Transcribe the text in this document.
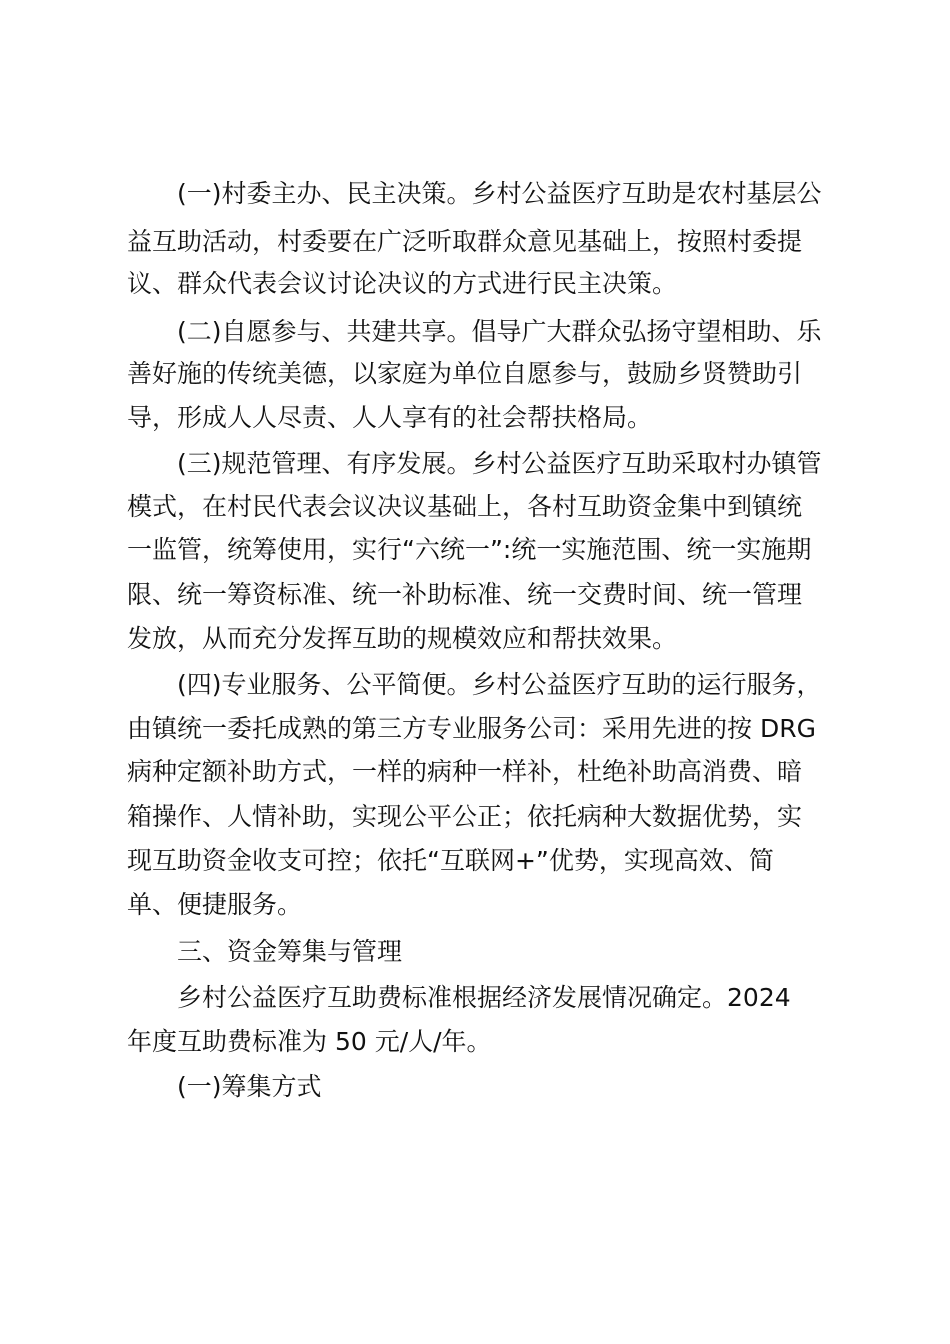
(一)村委主办、民主决策。乡村公益医疗互助是农村基层公
益互助活动，村委要在广泛听取群众意见基础上，按照村委提
议、群众代表会议讨论决议的方式进行民主决策。
(二)自愿参与、共建共享。倡导广大群众弘扬守望相助、乐
善好施的传统美德，以家庭为单位自愿参与，鼓励乡贤赞助引
导，形成人人尽责、人人享有的社会帮扶格局。
(三)规范管理、有序发展。乡村公益医疗互助采取村办镇管
模式，在村民代表会议决议基础上，各村互助资金集中到镇统
一监管，统筹使用，实行“六统一”:统一实施范围、统一实施期
限、统一筹资标准、统一补助标准、统一交费时间、统一管理
发放，从而充分发挥互助的规模效应和帮扶效果。
(四)专业服务、公平简便。乡村公益医疗互助的运行服务，
由镇统一委托成熟的第三方专业服务公司：采用先进的按 DRG
病种定额补助方式，一样的病种一样补，杜绝补助高消费、暗
箱操作、人情补助，实现公平公正；依托病种大数据优势，实
现互助资金收支可控；依托“互联网+”优势，实现高效、简
单、便捷服务。
三、资金筹集与管理
乡村公益医疗互助费标准根据经济发展情况确定。2024
年度互助费标准为 50 元/人/年。
(一)筹集方式
